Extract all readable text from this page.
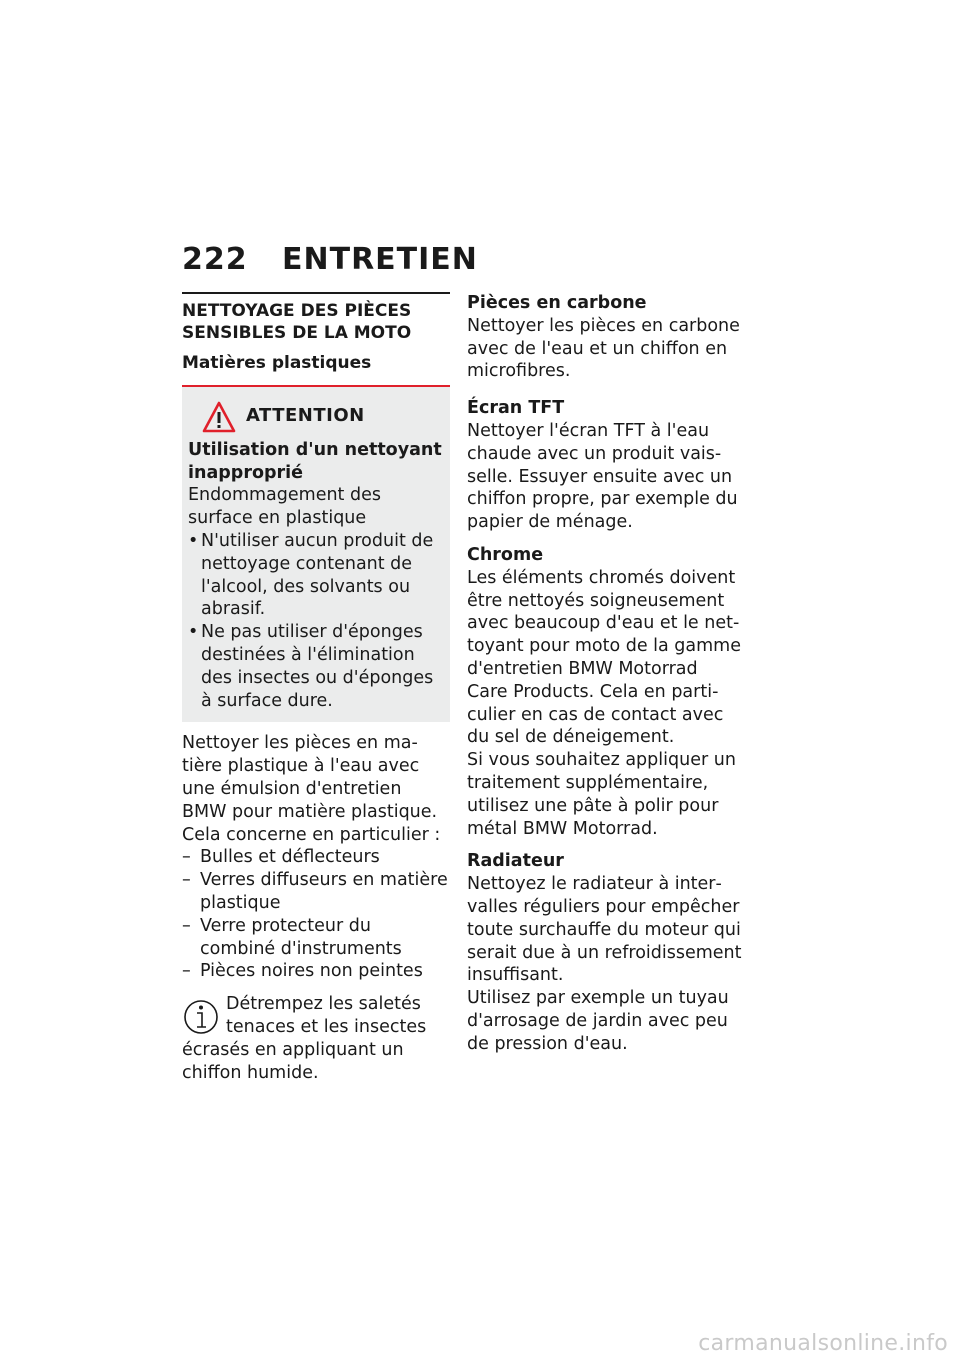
222 ENTRETIEN
NETTOYAGE DES PIÈCES SENSIBLES DE LA MOTO
Matières plastiques
ATTENTION
Utilisation d'un nettoyant inapproprié

Endommagement des surface en plastique

• N'utiliser aucun produit de nettoyage contenant de l'alcool, des solvants ou abrasif.
• Ne pas utiliser d'éponges destinées à l'élimination des insectes ou d'éponges à surface dure.

Nettoyer les pièces en matière plastique à l'eau avec une émulsion d'entretien BMW pour matière plastique. Cela concerne en particulier :

– Bulles et déflecteurs
– Verres diffuseurs en matière plastique
– Verre protecteur du combiné d'instruments
– Pièces noires non peintes

Détrempez les saletés tenaces et les insectes écrasés en appliquant un chiffon humide.

Pièces en carbone

Nettoyer les pièces en carbone avec de l'eau et un chiffon en microfibres.

Écran TFT

Nettoyer l'écran TFT à l'eau chaude avec un produit vaisselle. Essuyer ensuite avec un chiffon propre, par exemple du papier de ménage.

Chrome

Les éléments chromés doivent être nettoyés soigneusement avec beaucoup d'eau et le nettoyant pour moto de la gamme d'entretien BMW Motorrad Care Products. Cela en particulier en cas de contact avec du sel de déneigement.

Si vous souhaitez appliquer un traitement supplémentaire, utilisez une pâte à polir pour métal BMW Motorrad.

Radiateur

Nettoyez le radiateur à intervalles réguliers pour empêcher toute surchauffe du moteur qui serait due à un refroidissement insuffisant.

Utilisez par exemple un tuyau d'arrosage de jardin avec peu de pression d'eau.

carmanualsonline.info
